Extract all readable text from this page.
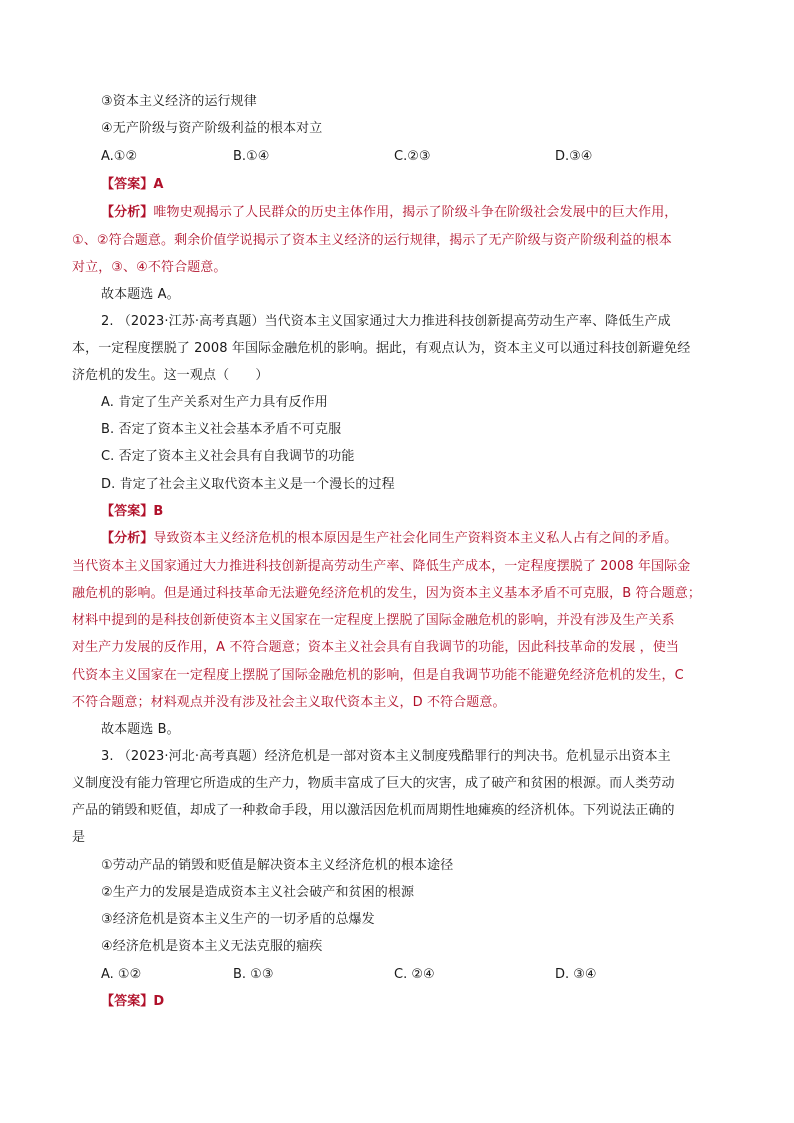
③资本主义经济的运行规律
④无产阶级与资产阶级利益的根本对立
A.①②	B.①④	C.②③	D.③④
【答案】A
【分析】唯物史观揭示了人民群众的历史主体作用，揭示了阶级斗争在阶级社会发展中的巨大作用，
①、②符合题意。剩余价值学说揭示了资本主义经济的运行规律，揭示了无产阶级与资产阶级利益的根本
对立，③、④不符合题意。
故本题选 A。
2. （2023·江苏·高考真题）当代资本主义国家通过大力推进科技创新提高劳动生产率、降低生产成
本，一定程度摆脱了 2008 年国际金融危机的影响。据此，有观点认为，资本主义可以通过科技创新避免经
济危机的发生。这一观点（　　）
A. 肯定了生产关系对生产力具有反作用
B. 否定了资本主义社会基本矛盾不可克服
C. 否定了资本主义社会具有自我调节的功能
D. 肯定了社会主义取代资本主义是一个漫长的过程
【答案】B
【分析】导致资本主义经济危机的根本原因是生产社会化同生产资料资本主义私人占有之间的矛盾。
当代资本主义国家通过大力推进科技创新提高劳动生产率、降低生产成本，一定程度摆脱了 2008 年国际金
融危机的影响。但是通过科技革命无法避免经济危机的发生，因为资本主义基本矛盾不可克服，B 符合题意；
材料中提到的是科技创新使资本主义国家在一定程度上摆脱了国际金融危机的影响，并没有涉及生产关系
对生产力发展的反作用，A 不符合题意；资本主义社会具有自我调节的功能，因此科技革命的发展 ，使当
代资本主义国家在一定程度上摆脱了国际金融危机的影响，但是自我调节功能不能避免经济危机的发生，C
不符合题意；材料观点并没有涉及社会主义取代资本主义，D 不符合题意。
故本题选 B。
3. （2023·河北·高考真题）经济危机是一部对资本主义制度残酷罪行的判决书。危机显示出资本主
义制度没有能力管理它所造成的生产力，物质丰富成了巨大的灾害，成了破产和贫困的根源。而人类劳动
产品的销毁和贬值，却成了一种救命手段，用以激活因危机而周期性地瘫痪的经济机体。下列说法正确的
是
①劳动产品的销毁和贬值是解决资本主义经济危机的根本途径
②生产力的发展是造成资本主义社会破产和贫困的根源
③经济危机是资本主义生产的一切矛盾的总爆发
④经济危机是资本主义无法克服的痼疾
A. ①②	B. ①③	C. ②④	D. ③④
【答案】D
